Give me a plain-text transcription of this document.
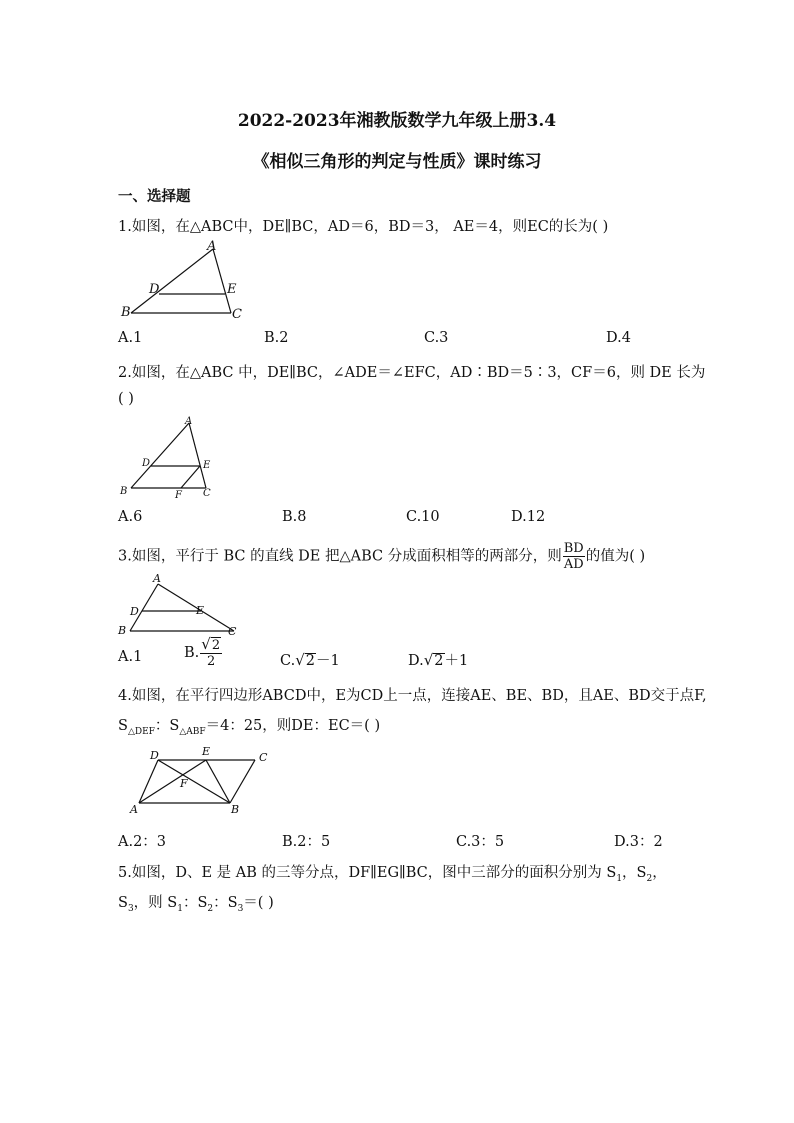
2022-2023年湘教版数学九年级上册3.4
《相似三角形的判定与性质》课时练习
一、选择题
1.如图，在△ABC中，DE∥BC，AD＝6，BD＝3， AE＝4，则EC的长为( )
A
D	E
B	C
A.1	B.2	C.3	D.4
2.如图，在△ABC 中，DE∥BC，∠ADE＝∠EFC，AD∶BD＝5∶3，CF＝6，则 DE 长为
( )
A
D	E
B	F C
A.6	B.8	C.10	D.12
3.如图，平行于 BC 的直线 DE 把△ABC 分成面积相等的两部分，则 $\frac{BD}{AD}$ 的值为( )
A
D	E
B	C
A.1	B. $\frac{√2}{2}$	C.√2－1	D.√2＋1
4.如图，在平行四边形ABCD中，E为CD上一点，连接AE、BE、BD，且AE、BD交于点F,
$S_{\triangle DEF}$：$S_{\triangle ABF}=4$：25，则DE：EC＝( )
D	E	C
F
A	B
A.2：3	B.2：5	C.3：5	D.3：2
5.如图，D、E 是 AB 的三等分点，DF∥EG∥BC，图中三部分的面积分别为 $S_1$，$S_2$，
$S_3$，则 $S_1$：$S_2$：$S_3=$( )
